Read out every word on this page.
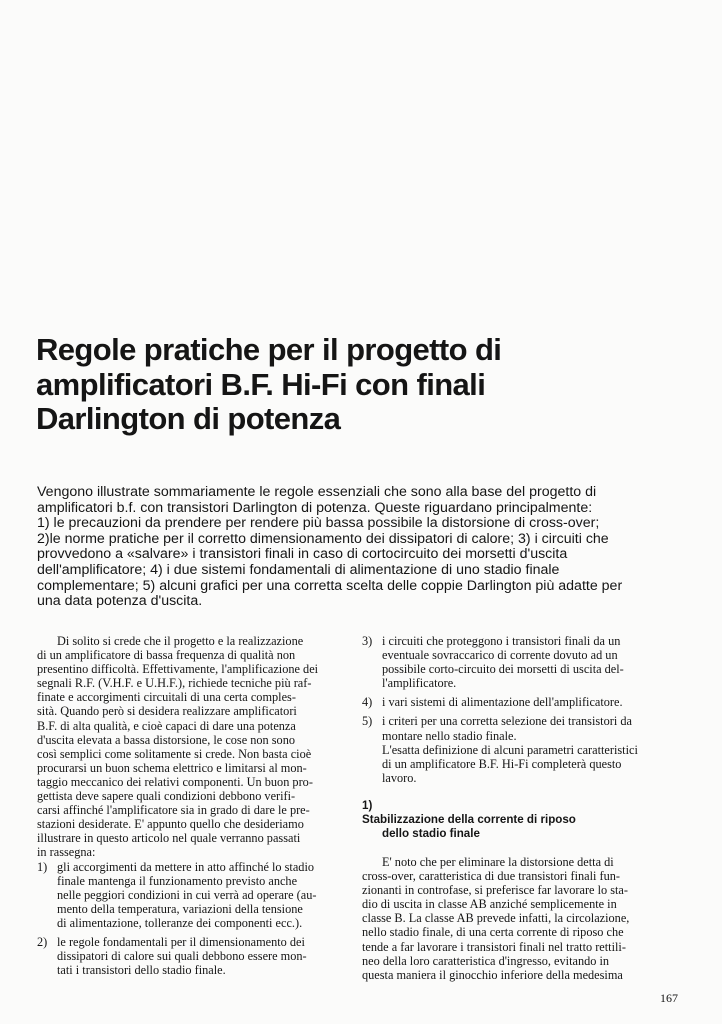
Regole pratiche per il progetto di
amplificatori B.F. Hi-Fi con finali
Darlington di potenza
Vengono illustrate sommariamente le regole essenziali che sono alla base del progetto di
amplificatori b.f. con transistori Darlington di potenza. Queste riguardano principalmente:
1) le precauzioni da prendere per rendere più bassa possibile la distorsione di cross-over;
2)le norme pratiche per il corretto dimensionamento dei dissipatori di calore; 3) i circuiti che
provvedono a «salvare» i transistori finali in caso di cortocircuito dei morsetti d'uscita
dell'amplificatore; 4) i due sistemi fondamentali di alimentazione di uno stadio finale
complementare; 5) alcuni grafici per una corretta scelta delle coppie Darlington più adatte per
una data potenza d'uscita.
Di solito si crede che il progetto e la realizzazione
di un amplificatore di bassa frequenza di qualità non
presentino difficoltà. Effettivamente, l'amplificazione dei
segnali R.F. (V.H.F. e U.H.F.), richiede tecniche più raf-
finate e accorgimenti circuitali di una certa comples-
sità. Quando però si desidera realizzare amplificatori
B.F. di alta qualità, e cioè capaci di dare una potenza
d'uscita elevata a bassa distorsione, le cose non sono
così semplici come solitamente si crede. Non basta cioè
procurarsi un buon schema elettrico e limitarsi al mon-
taggio meccanico dei relativi componenti. Un buon pro-
gettista deve sapere quali condizioni debbono verifi-
carsi affinché l'amplificatore sia in grado di dare le pre-
stazioni desiderate. E' appunto quello che desideriamo
illustrare in questo articolo nel quale verranno passati
in rassegna:
1) gli accorgimenti da mettere in atto affinché lo stadio
finale mantenga il funzionamento previsto anche
nelle peggiori condizioni in cui verrà ad operare (au-
mento della temperatura, variazioni della tensione
di alimentazione, tolleranze dei componenti ecc.).
2) le regole fondamentali per il dimensionamento dei
dissipatori di calore sui quali debbono essere mon-
tati i transistori dello stadio finale.
3) i circuiti che proteggono i transistori finali da un
eventuale sovraccarico di corrente dovuto ad un
possibile corto-circuito dei morsetti di uscita del-
l'amplificatore.
4) i vari sistemi di alimentazione dell'amplificatore.
5) i criteri per una corretta selezione dei transistori da
montare nello stadio finale.
L'esatta definizione di alcuni parametri caratteristici
di un amplificatore B.F. Hi-Fi completerà questo
lavoro.
1)
Stabilizzazione della corrente di riposo
dello stadio finale
E' noto che per eliminare la distorsione detta di
cross-over, caratteristica di due transistori finali fun-
zionanti in controfase, si preferisce far lavorare lo sta-
dio di uscita in classe AB anziché semplicemente in
classe B. La classe AB prevede infatti, la circolazione,
nello stadio finale, di una certa corrente di riposo che
tende a far lavorare i transistori finali nel tratto rettili-
neo della loro caratteristica d'ingresso, evitando in
questa maniera il ginocchio inferiore della medesima
167
